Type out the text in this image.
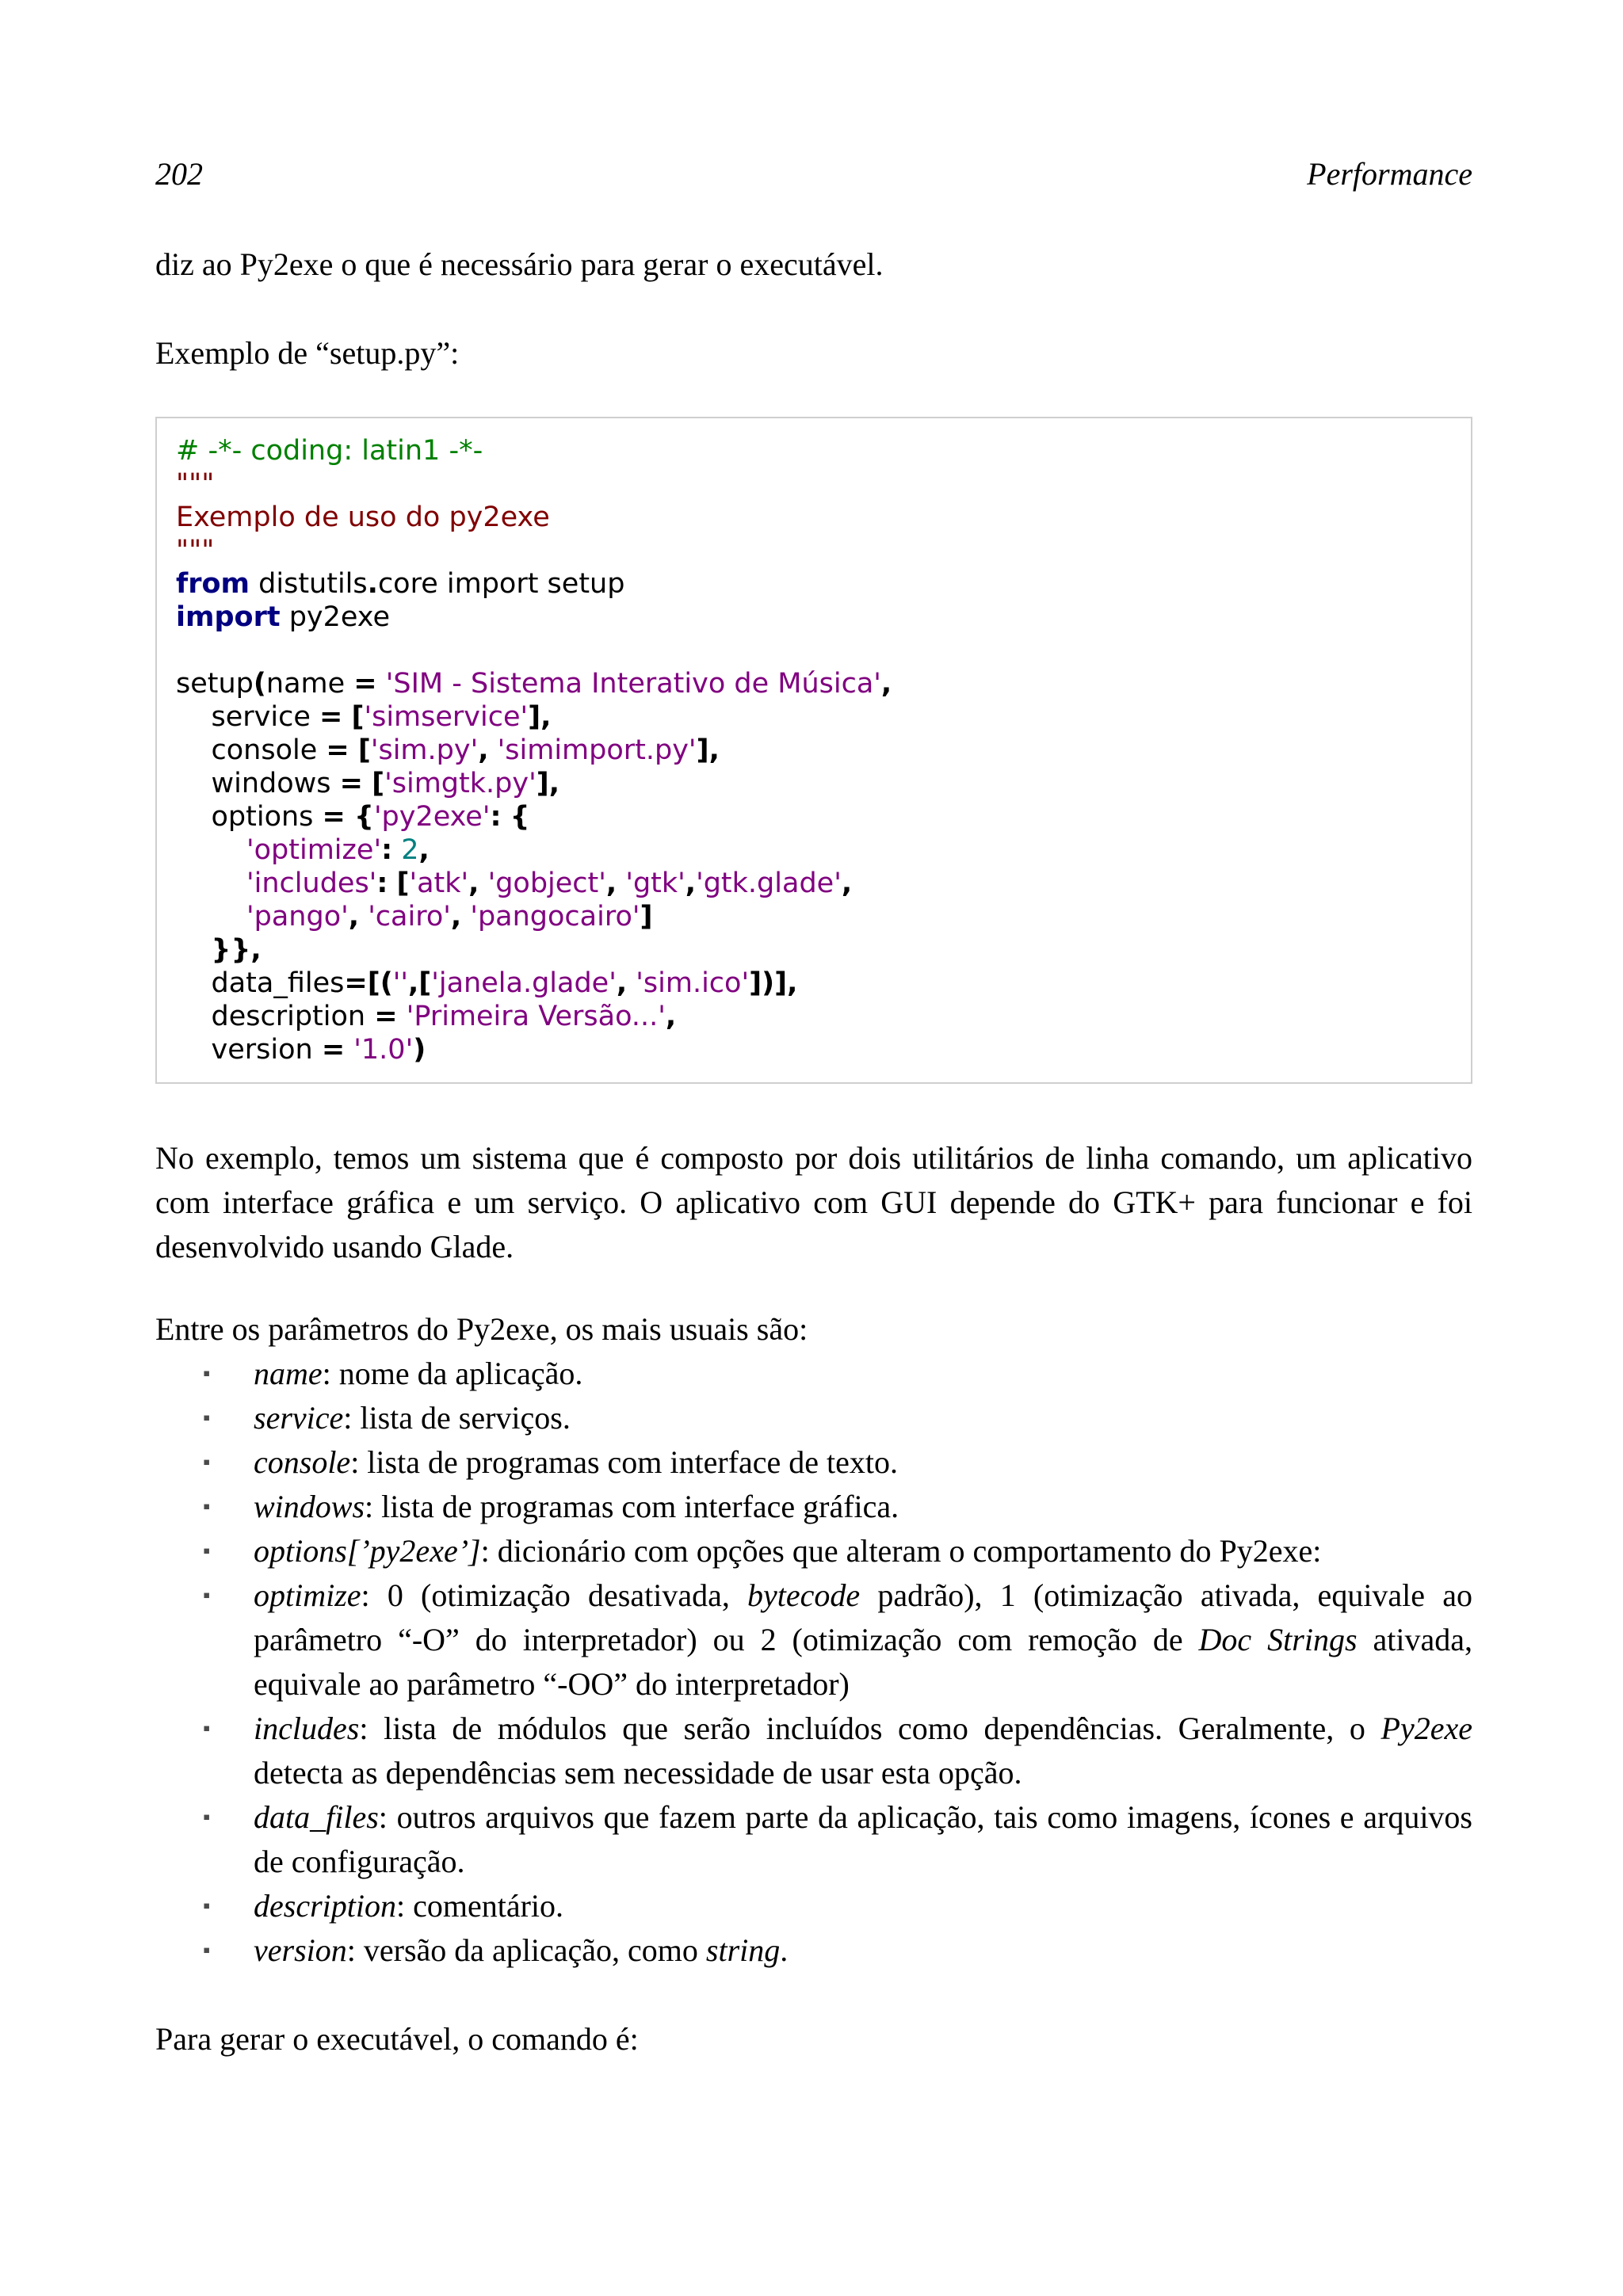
202	Performance
diz ao Py2exe o que é necessário para gerar o executável.
Exemplo de “setup.py”:
# -*- coding: latin1 -*-
"""
Exemplo de uso do py2exe
"""
from distutils.core import setup
import py2exe

setup(name = 'SIM - Sistema Interativo de Música',
service = ['simservice'],
console = ['sim.py', 'simimport.py'],
windows = ['simgtk.py'],
options = {'py2exe': {
'optimize': 2,
'includes': ['atk', 'gobject', 'gtk','gtk.glade',
'pango', 'cairo', 'pangocairo']
}},
data_files=[('',['janela.glade', 'sim.ico'])],
description = 'Primeira Versão...',
version = '1.0')
No exemplo, temos um sistema que é composto por dois utilitários de linha comando, um aplicativo com interface gráfica e um serviço. O aplicativo com GUI depende do GTK+ para funcionar e foi desenvolvido usando Glade.
Entre os parâmetros do Py2exe, os mais usuais são:
▪ name: nome da aplicação.
▪ service: lista de serviços.
▪ console: lista de programas com interface de texto.
▪ windows: lista de programas com interface gráfica.
▪ options[’py2exe’]: dicionário com opções que alteram o comportamento do Py2exe:
▪ optimize: 0 (otimização desativada, bytecode padrão), 1 (otimização ativada, equivale ao parâmetro “-O” do interpretador) ou 2 (otimização com remoção de Doc Strings ativada, equivale ao parâmetro “-OO” do interpretador)
▪ includes: lista de módulos que serão incluídos como dependências. Geralmente, o Py2exe detecta as dependências sem necessidade de usar esta opção.
▪ data_files: outros arquivos que fazem parte da aplicação, tais como imagens, ícones e arquivos de configuração.
▪ description: comentário.
▪ version: versão da aplicação, como string.
Para gerar o executável, o comando é:
